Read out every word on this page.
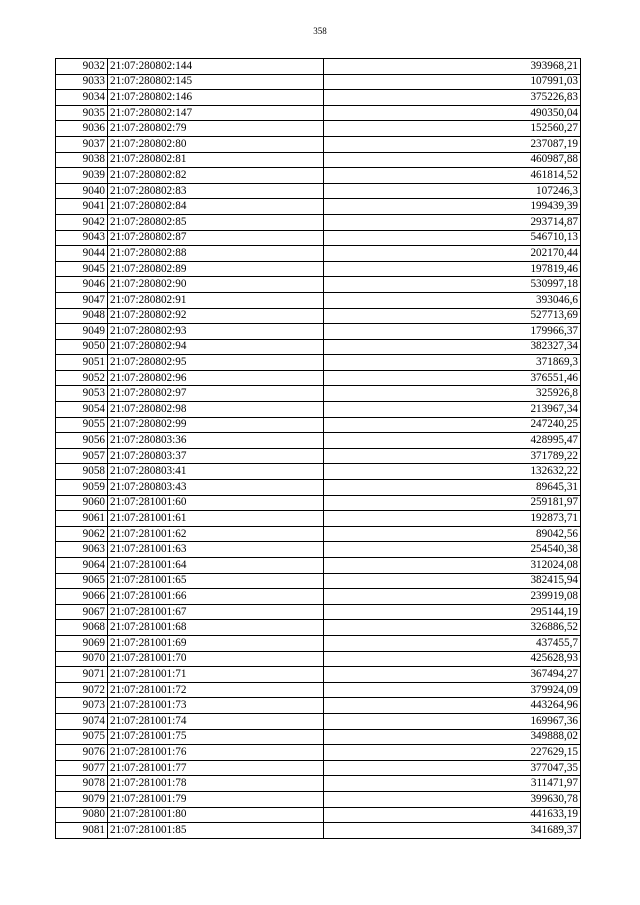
358
9032	21:07:280802:144	393968,21
9033	21:07:280802:145	107991,03
9034	21:07:280802:146	375226,83
9035	21:07:280802:147	490350,04
9036	21:07:280802:79	152560,27
9037	21:07:280802:80	237087,19
9038	21:07:280802:81	460987,88
9039	21:07:280802:82	461814,52
9040	21:07:280802:83	107246,3
9041	21:07:280802:84	199439,39
9042	21:07:280802:85	293714,87
9043	21:07:280802:87	546710,13
9044	21:07:280802:88	202170,44
9045	21:07:280802:89	197819,46
9046	21:07:280802:90	530997,18
9047	21:07:280802:91	393046,6
9048	21:07:280802:92	527713,69
9049	21:07:280802:93	179966,37
9050	21:07:280802:94	382327,34
9051	21:07:280802:95	371869,3
9052	21:07:280802:96	376551,46
9053	21:07:280802:97	325926,8
9054	21:07:280802:98	213967,34
9055	21:07:280802:99	247240,25
9056	21:07:280803:36	428995,47
9057	21:07:280803:37	371789,22
9058	21:07:280803:41	132632,22
9059	21:07:280803:43	89645,31
9060	21:07:281001:60	259181,97
9061	21:07:281001:61	192873,71
9062	21:07:281001:62	89042,56
9063	21:07:281001:63	254540,38
9064	21:07:281001:64	312024,08
9065	21:07:281001:65	382415,94
9066	21:07:281001:66	239919,08
9067	21:07:281001:67	295144,19
9068	21:07:281001:68	326886,52
9069	21:07:281001:69	437455,7
9070	21:07:281001:70	425628,93
9071	21:07:281001:71	367494,27
9072	21:07:281001:72	379924,09
9073	21:07:281001:73	443264,96
9074	21:07:281001:74	169967,36
9075	21:07:281001:75	349888,02
9076	21:07:281001:76	227629,15
9077	21:07:281001:77	377047,35
9078	21:07:281001:78	311471,97
9079	21:07:281001:79	399630,78
9080	21:07:281001:80	441633,19
9081	21:07:281001:85	341689,37
